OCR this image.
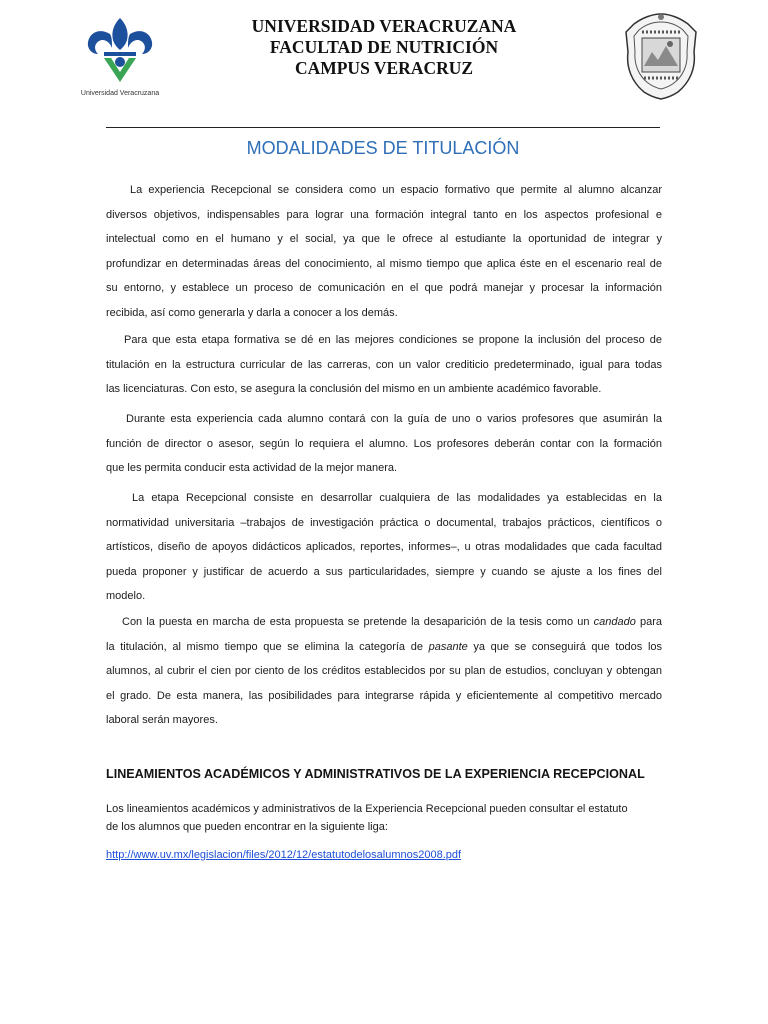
Universidad Veracruzana
UNIVERSIDAD VERACRUZANA
FACULTAD DE NUTRICIÓN
CAMPUS VERACRUZ
MODALIDADES DE TITULACIÓN
La experiencia Recepcional se considera como un espacio formativo que permite al alumno alcanzar
diversos objetivos, indispensables para lograr una formación integral tanto en los aspectos profesional e
intelectual como en el humano y el social, ya que le ofrece al estudiante la oportunidad de integrar y
profundizar en determinadas áreas del conocimiento, al mismo tiempo que aplica éste en el escenario real de
su entorno, y establece un proceso de comunicación en el que podrá manejar y procesar la información
recibida, así como generarla y darla a conocer a los demás.
Para que esta etapa formativa se dé en las mejores condiciones se propone la inclusión del proceso de
titulación en la estructura curricular de las carreras, con un valor crediticio predeterminado, igual para todas
las licenciaturas. Con esto, se asegura la conclusión del mismo en un ambiente académico favorable.
Durante esta experiencia cada alumno contará con la guía de uno o varios profesores que asumirán la
función de director o asesor, según lo requiera el alumno. Los profesores deberán contar con la formación
que les permita conducir esta actividad de la mejor manera.
La etapa Recepcional consiste en desarrollar cualquiera de las modalidades ya establecidas en la
normatividad universitaria –trabajos de investigación práctica o documental, trabajos prácticos, científicos o
artísticos, diseño de apoyos didácticos aplicados, reportes, informes–, u otras modalidades que cada facultad
pueda proponer y justificar de acuerdo a sus particularidades, siempre y cuando se ajuste a los fines del
modelo.
Con la puesta en marcha de esta propuesta se pretende la desaparición de la tesis como un candado para
la titulación, al mismo tiempo que se elimina la categoría de pasante ya que se conseguirá que todos los
alumnos, al cubrir el cien por ciento de los créditos establecidos por su plan de estudios, concluyan y obtengan
el grado. De esta manera, las posibilidades para integrarse rápida y eficientemente al competitivo mercado
laboral serán mayores.
LINEAMIENTOS ACADÉMICOS Y ADMINISTRATIVOS DE LA EXPERIENCIA RECEPCIONAL
Los lineamientos académicos y administrativos de la Experiencia Recepcional pueden consultar el estatuto
de los alumnos que pueden encontrar en la siguiente liga:
http://www.uv.mx/legislacion/files/2012/12/estatutodelosalumnos2008.pdf
